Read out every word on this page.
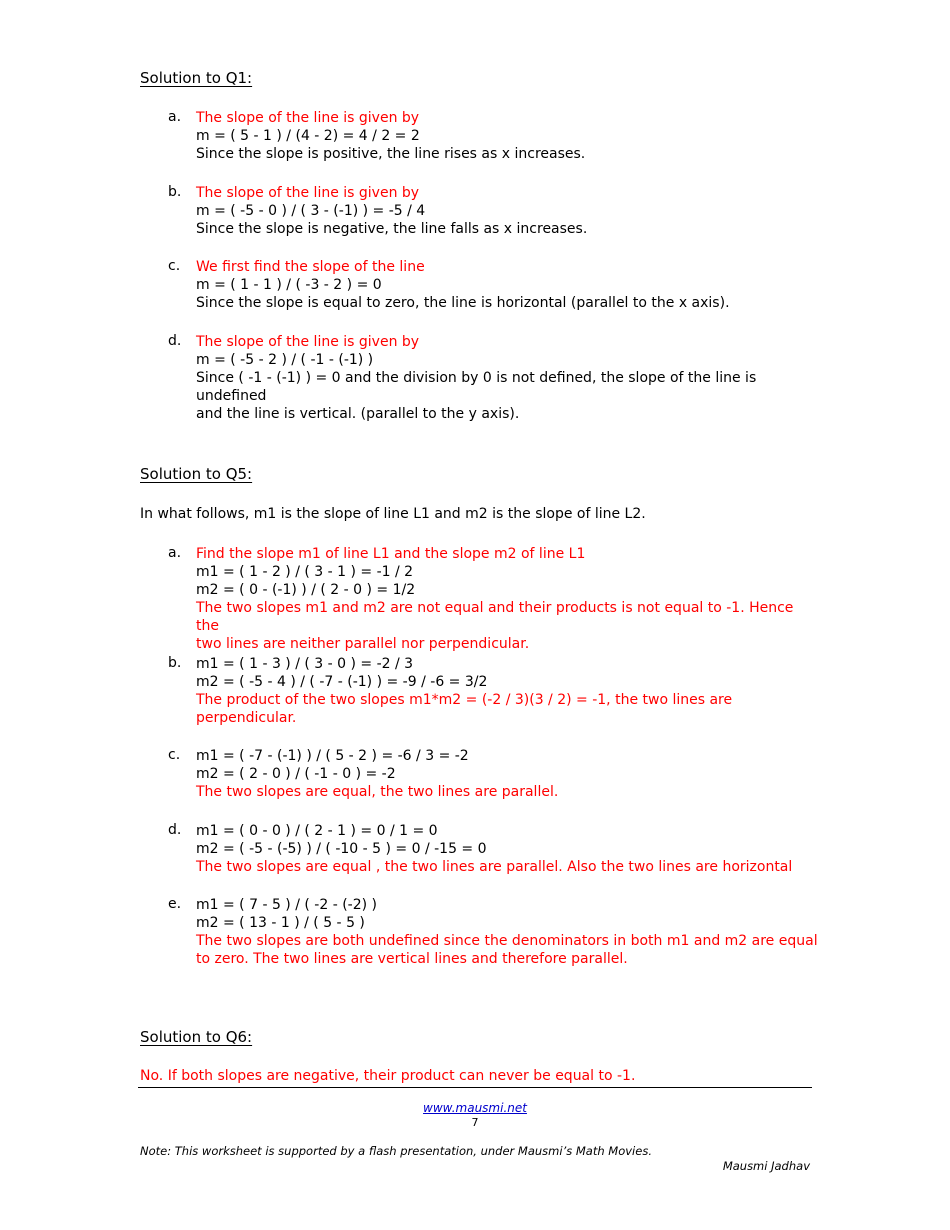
Solution to Q1:
a.	The slope of the line is given by
m = ( 5 - 1 ) / (4 - 2) = 4 / 2 = 2
Since the slope is positive, the line rises as x increases.
b.	The slope of the line is given by
m = ( -5 - 0 ) / ( 3 - (-1) ) = -5 / 4
Since the slope is negative, the line falls as x increases.
c.	We first find the slope of the line
m = ( 1 - 1 ) / ( -3 - 2 ) = 0
Since the slope is equal to zero, the line is horizontal (parallel to the x axis).
d.	The slope of the line is given by
m = ( -5 - 2 ) / ( -1 - (-1) )
Since ( -1 - (-1) ) = 0 and the division by 0 is not defined, the slope of the line is undefined
and the line is vertical. (parallel to the y axis).
Solution to Q5:
In what follows, m1 is the slope of line L1 and m2 is the slope of line L2.
a.	Find the slope m1 of line L1 and the slope m2 of line L1
m1 = ( 1 - 2 ) / ( 3 - 1 ) = -1 / 2
m2 = ( 0 - (-1) ) / ( 2 - 0 ) = 1/2
The two slopes m1 and m2 are not equal and their products is not equal to -1. Hence the
two lines are neither parallel nor perpendicular.
b.	m1 = ( 1 - 3 ) / ( 3 - 0 ) = -2 / 3
m2 = ( -5 - 4 ) / ( -7 - (-1) ) = -9 / -6 = 3/2
The product of the two slopes m1*m2 = (-2 / 3)(3 / 2) = -1, the two lines are
perpendicular.
c.	m1 = ( -7 - (-1) ) / ( 5 - 2 ) = -6 / 3 = -2
m2 = ( 2 - 0 ) / ( -1 - 0 ) = -2
The two slopes are equal, the two lines are parallel.
d.	m1 = ( 0 - 0 ) / ( 2 - 1 ) = 0 / 1 = 0
m2 = ( -5 - (-5) ) / ( -10 - 5 ) = 0 / -15 = 0
The two slopes are equal , the two lines are parallel. Also the two lines are horizontal
e.	m1 = ( 7 - 5 ) / ( -2 - (-2) )
m2 = ( 13 - 1 ) / ( 5 - 5 )
The two slopes are both undefined since the denominators in both m1 and m2 are equal
to zero. The two lines are vertical lines and therefore parallel.
Solution to Q6:
No. If both slopes are negative, their product can never be equal to -1.
www.mausmi.net
7
Note: This worksheet is supported by a flash presentation, under Mausmi’s Math Movies.
Mausmi Jadhav
